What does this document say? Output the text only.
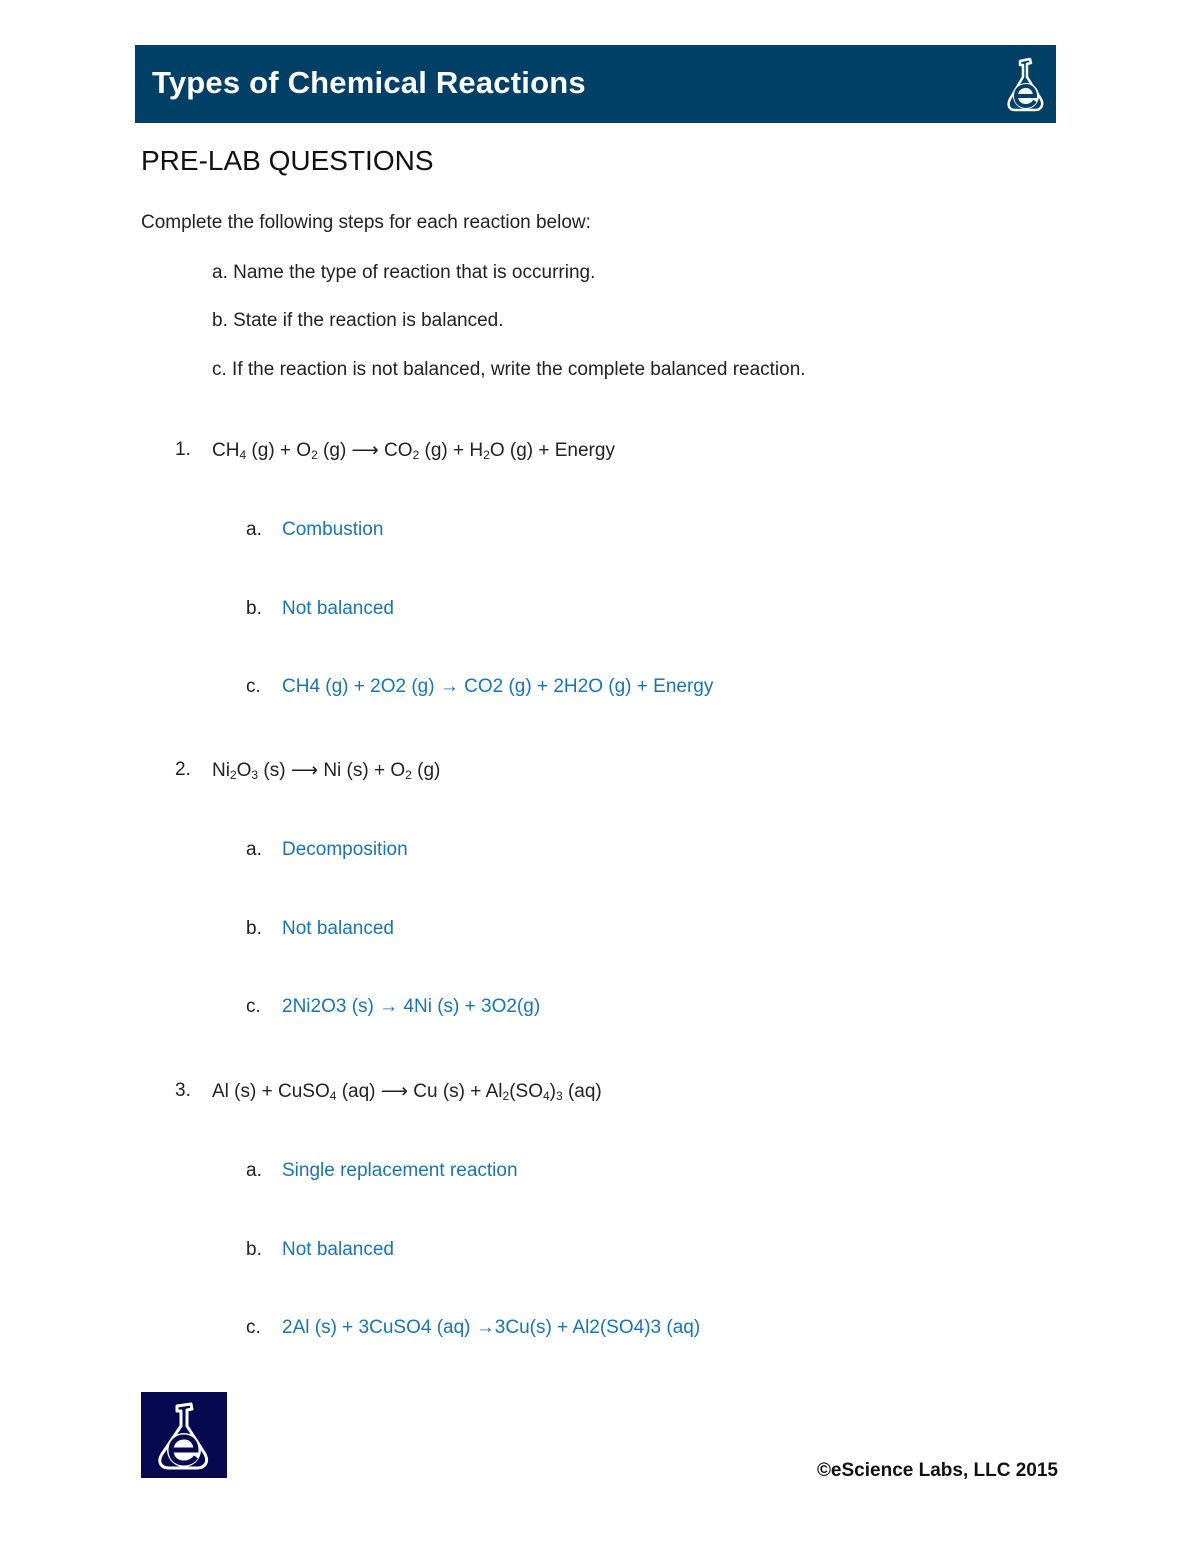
Types of Chemical Reactions
PRE-LAB QUESTIONS
Complete the following steps for each reaction below:
a. Name the type of reaction that is occurring.
b. State if the reaction is balanced.
c. If the reaction is not balanced, write the complete balanced reaction.
1. $CH_4$ $(g) + O_2$ (g) ⟶ $CO_2$ $(g) + H_2O$ (g) + Energy
a. Combustion
b. Not balanced
c. CH4 (g) + 2O2 (g) → CO2 (g) + 2H2O (g) + Energy
2. $Ni_2O_3$ (s) ⟶ Ni $(s) + O_2$ (g)
a. Decomposition
b. Not balanced
c. 2Ni2O3 (s) → 4Ni (s) + 3O2(g)
3. Al (s) + CuSO$_4$ (aq) ⟶ Cu $(s) + Al_2(SO_4)_3$ (aq)
a. Single replacement reaction
b. Not balanced
c. 2Al (s) + 3CuSO4 (aq) →3Cu(s) + Al2(SO4)3 (aq)
©eScience Labs, LLC 2015
